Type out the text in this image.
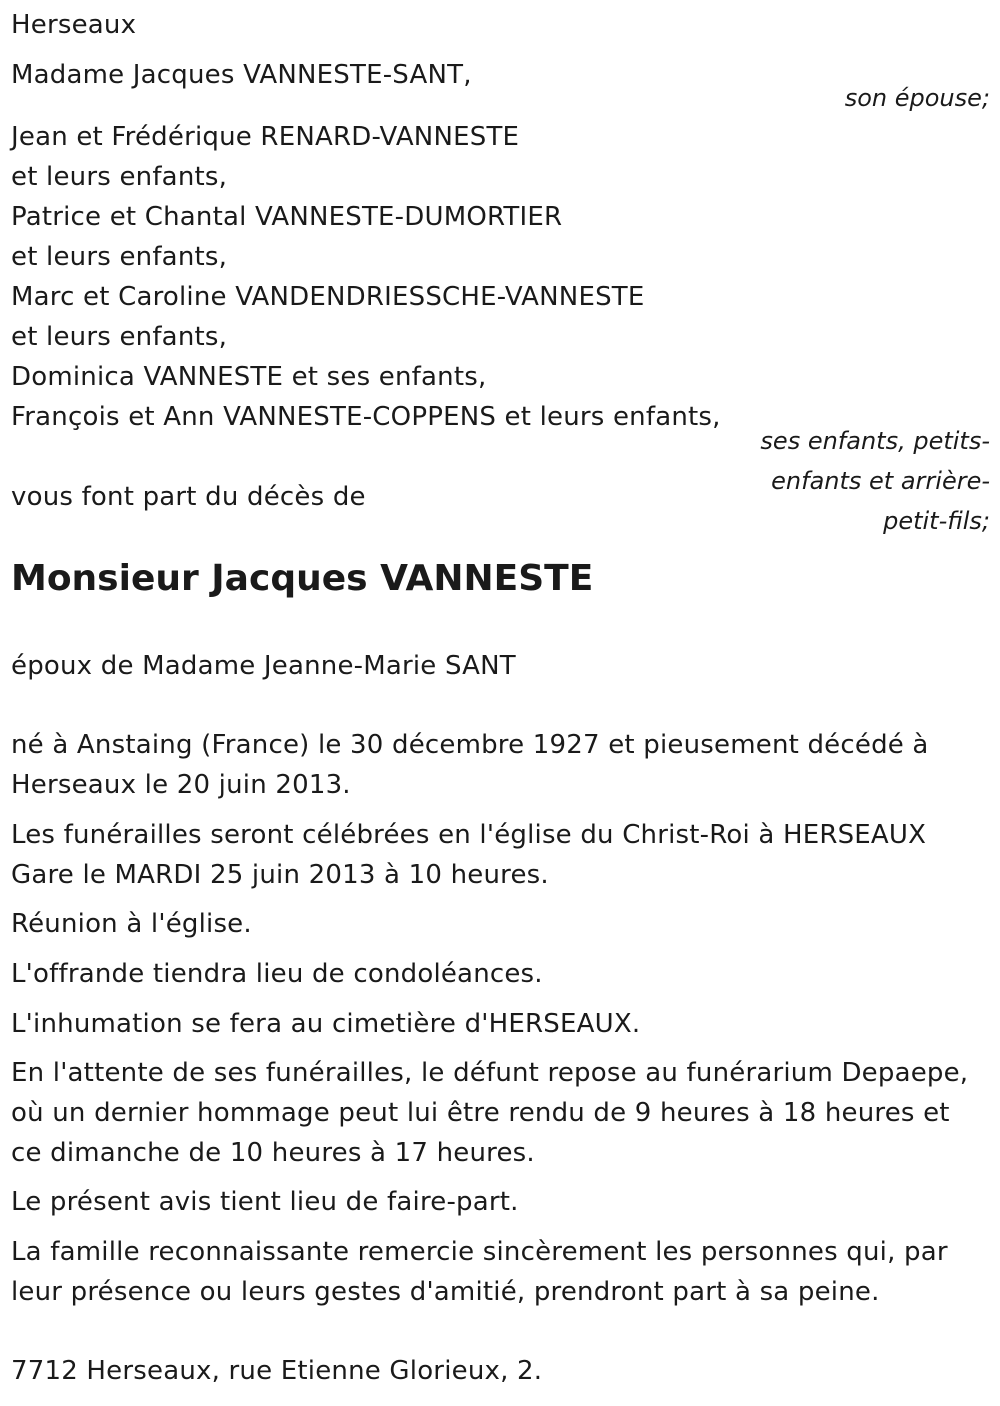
Herseaux
Madame Jacques VANNESTE-SANT,
son épouse;
Jean et Frédérique RENARD-VANNESTE
et leurs enfants,
Patrice et Chantal VANNESTE-DUMORTIER
et leurs enfants,
Marc et Caroline VANDENDRIESSCHE-VANNESTE
et leurs enfants,
Dominica VANNESTE et ses enfants,
François et Ann VANNESTE-COPPENS et leurs enfants,
ses enfants, petits-
enfants et arrière-
petit-fils;
vous font part du décès de
Monsieur Jacques VANNESTE
époux de Madame Jeanne-Marie SANT
né à Anstaing (France) le 30 décembre 1927 et pieusement décédé à
Herseaux le 20 juin 2013.
Les funérailles seront célébrées en l'église du Christ-Roi à HERSEAUX
Gare le MARDI 25 juin 2013 à 10 heures.
Réunion à l'église.
L'offrande tiendra lieu de condoléances.
L'inhumation se fera au cimetière d'HERSEAUX.
En l'attente de ses funérailles, le défunt repose au funérarium Depaepe,
où un dernier hommage peut lui être rendu de 9 heures à 18 heures et
ce dimanche de 10 heures à 17 heures.
Le présent avis tient lieu de faire-part.
La famille reconnaissante remercie sincèrement les personnes qui, par
leur présence ou leurs gestes d'amitié, prendront part à sa peine.
7712 Herseaux, rue Etienne Glorieux, 2.
